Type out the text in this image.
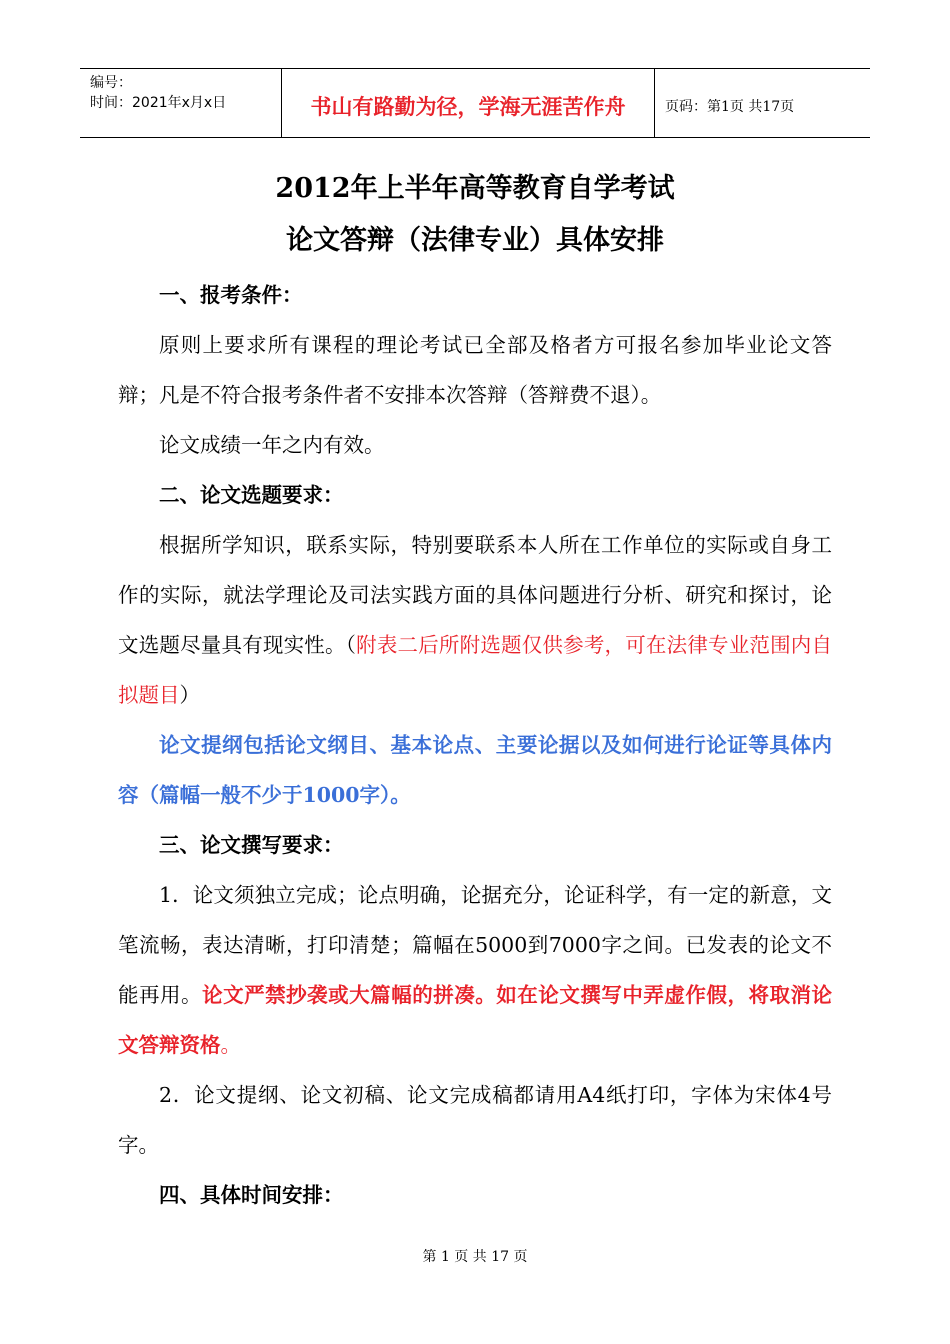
编号：
时间：2021年x月x日	书山有路勤为径，学海无涯苦作舟	页码：第1页 共17页
2012年上半年高等教育自学考试
论文答辩（法律专业）具体安排

一、报考条件：

原则上要求所有课程的理论考试已全部及格者方可报名参加毕业论文答辩；凡是不符合报考条件者不安排本次答辩（答辩费不退）。

论文成绩一年之内有效。

二、论文选题要求：

根据所学知识，联系实际，特别要联系本人所在工作单位的实际或自身工作的实际，就法学理论及司法实践方面的具体问题进行分析、研究和探讨，论文选题尽量具有现实性。（附表二后所附选题仅供参考，可在法律专业范围内自拟题目）

论文提纲包括论文纲目、基本论点、主要论据以及如何进行论证等具体内容（篇幅一般不少于1000字）。

三、论文撰写要求：

1．论文须独立完成；论点明确，论据充分，论证科学，有一定的新意，文笔流畅，表达清晰，打印清楚；篇幅在5000到7000字之间。已发表的论文不能再用。论文严禁抄袭或大篇幅的拼凑。如在论文撰写中弄虚作假，将取消论文答辩资格。

2．论文提纲、论文初稿、论文完成稿都请用A4纸打印，字体为宋体4号字。

四、具体时间安排：

第 1 页 共 17 页
